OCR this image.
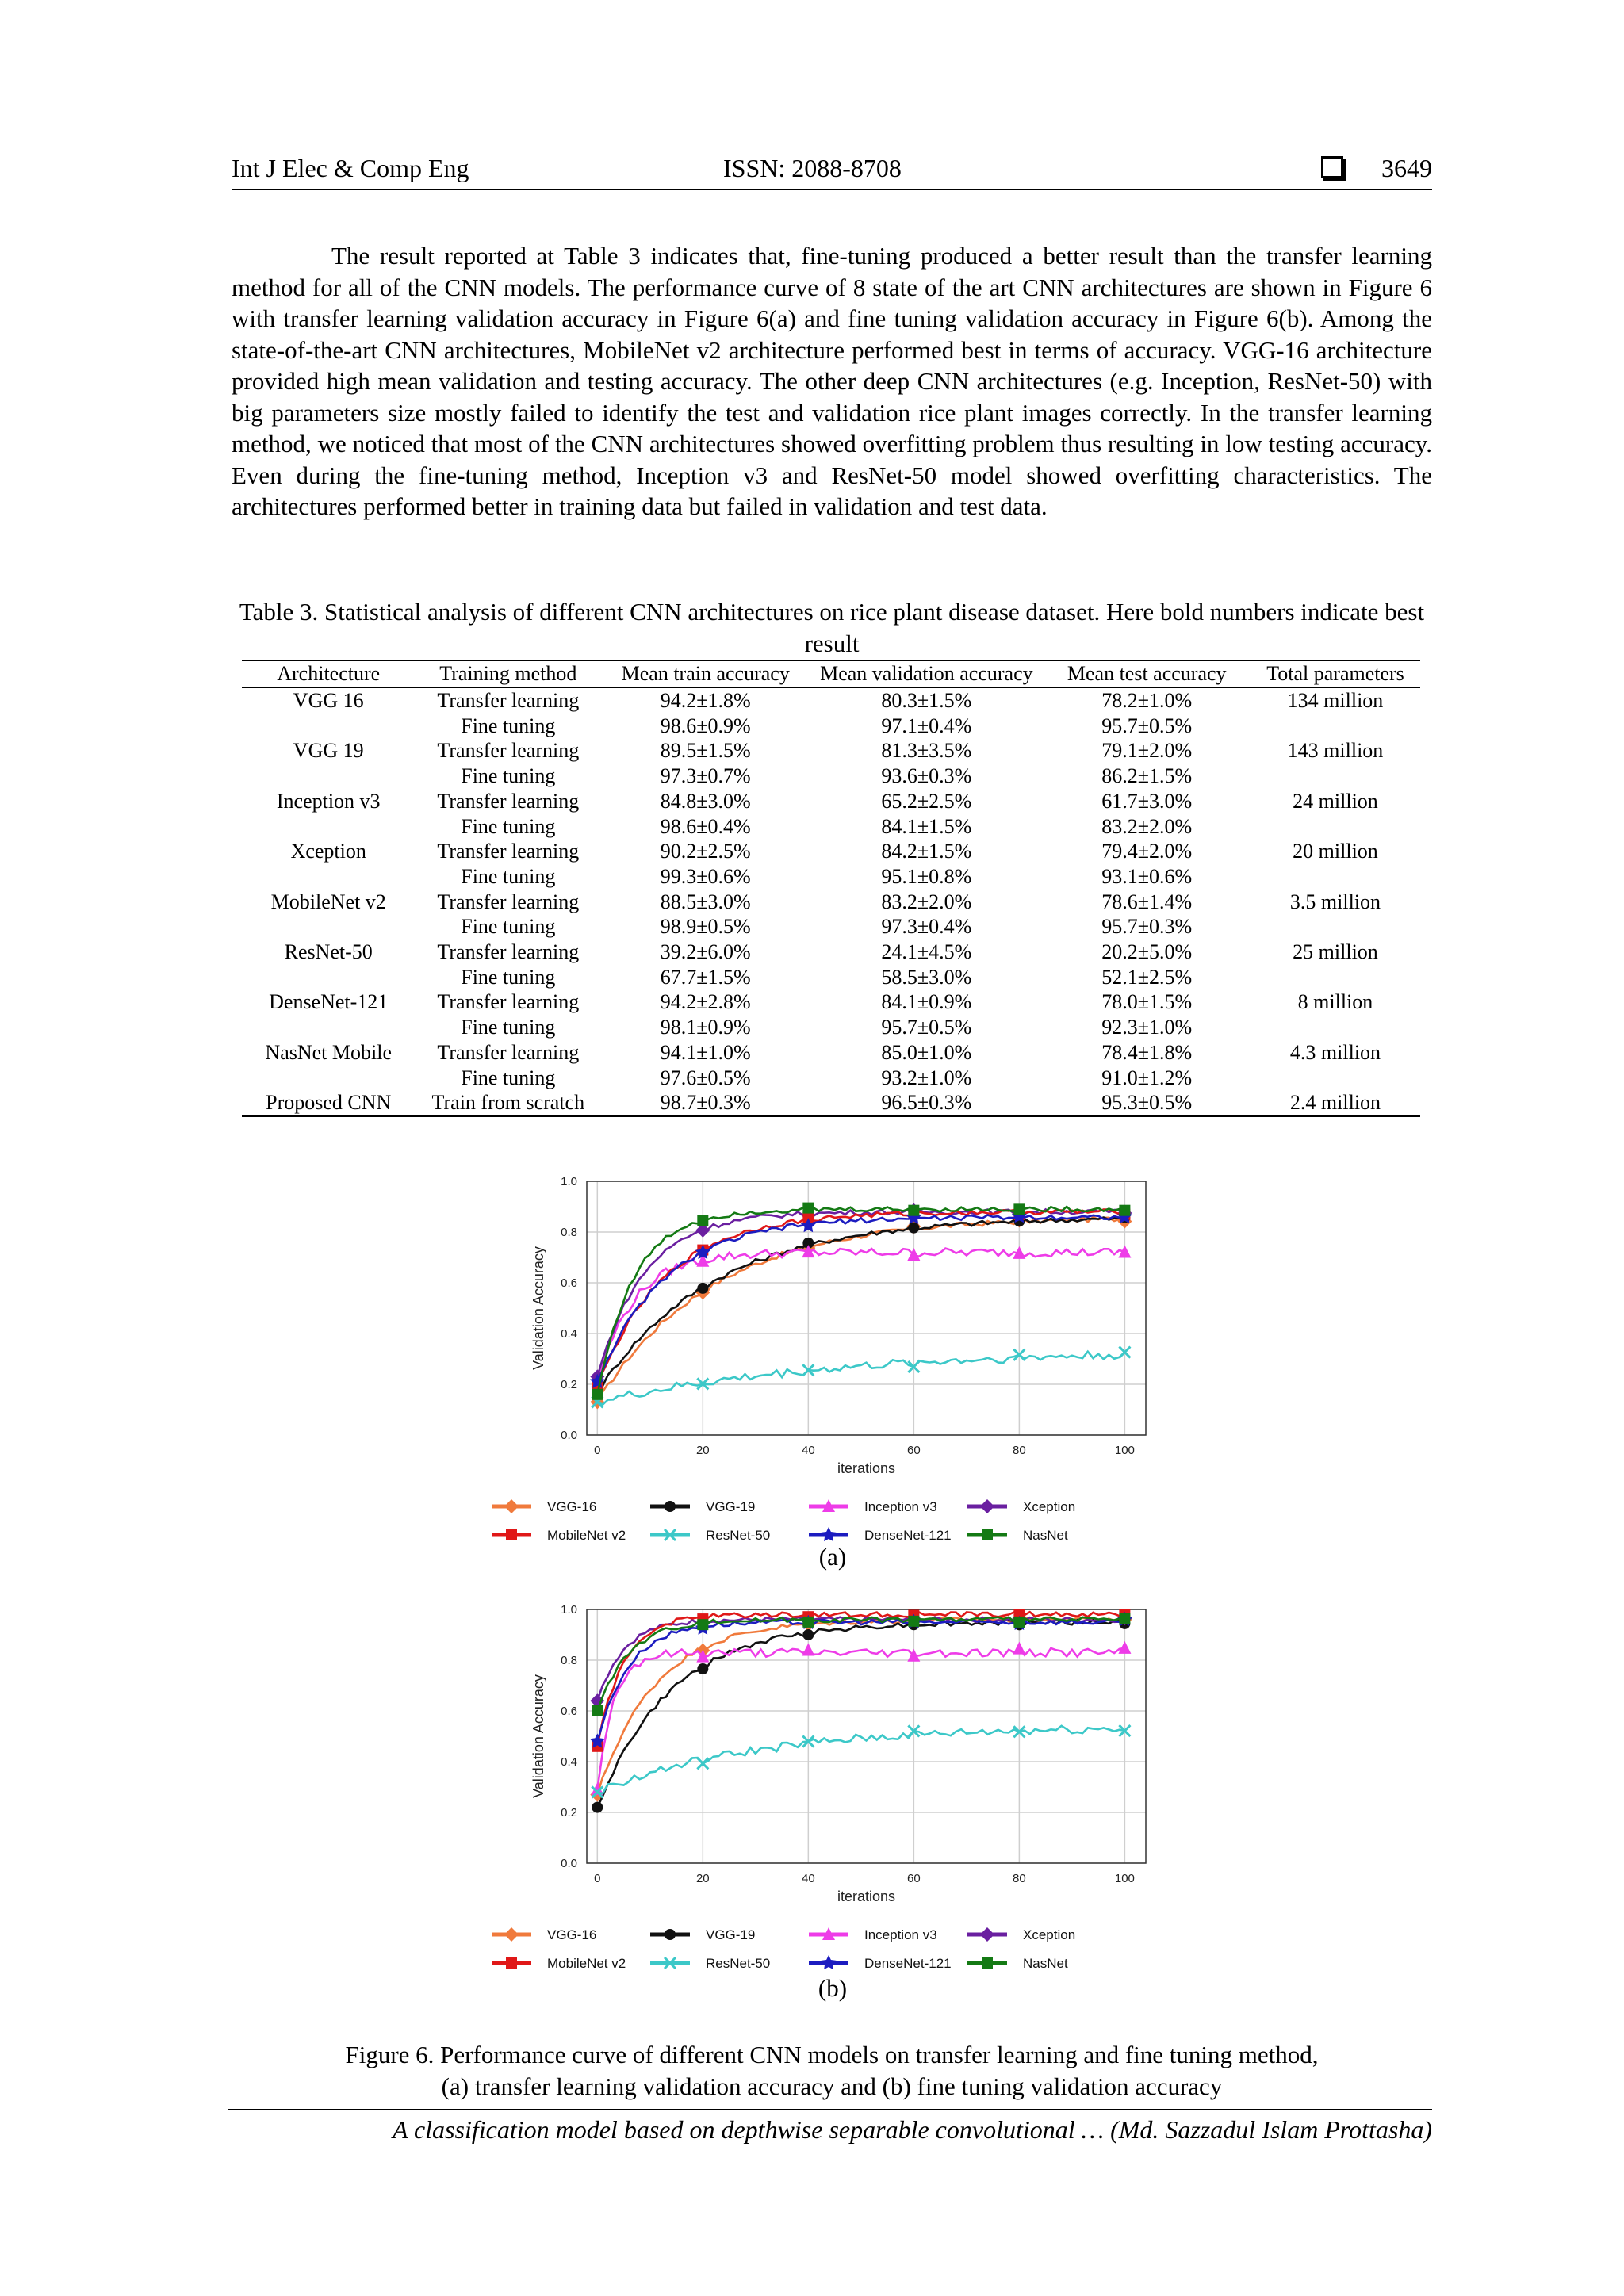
Int J Elec & Comp Eng	ISSN: 2088-8708	3649

The result reported at Table 3 indicates that, fine-tuning produced a better result than the transfer learning method for all of the CNN models. The performance curve of 8 state of the art CNN architectures are shown in Figure 6 with transfer learning validation accuracy in Figure 6(a) and fine tuning validation accuracy in Figure 6(b). Among the state-of-the-art CNN architectures, MobileNet v2 architecture performed best in terms of accuracy. VGG-16 architecture provided high mean validation and testing accuracy. The other deep CNN architectures (e.g. Inception, ResNet-50) with big parameters size mostly failed to identify the test and validation rice plant images correctly. In the transfer learning method, we noticed that most of the CNN architectures showed overfitting problem thus resulting in low testing accuracy. Even during the fine-tuning method, Inception v3 and ResNet-50 model showed overfitting characteristics. The architectures performed better in training data but failed in validation and test data.

Table 3. Statistical analysis of different CNN architectures on rice plant disease dataset. Here bold numbers indicate best result
Architecture	Training method	Mean train accuracy	Mean validation accuracy	Mean test accuracy	Total parameters
VGG 16	Transfer learning	94.2±1.8%	80.3±1.5%	78.2±1.0%	134 million
	Fine tuning	98.6±0.9%	97.1±0.4%	95.7±0.5%	
VGG 19	Transfer learning	89.5±1.5%	81.3±3.5%	79.1±2.0%	143 million
	Fine tuning	97.3±0.7%	93.6±0.3%	86.2±1.5%	
Inception v3	Transfer learning	84.8±3.0%	65.2±2.5%	61.7±3.0%	24 million
	Fine tuning	98.6±0.4%	84.1±1.5%	83.2±2.0%	
Xception	Transfer learning	90.2±2.5%	84.2±1.5%	79.4±2.0%	20 million
	Fine tuning	99.3±0.6%	95.1±0.8%	93.1±0.6%	
MobileNet v2	Transfer learning	88.5±3.0%	83.2±2.0%	78.6±1.4%	3.5 million
	Fine tuning	98.9±0.5%	97.3±0.4%	95.7±0.3%	
ResNet-50	Transfer learning	39.2±6.0%	24.1±4.5%	20.2±5.0%	25 million
	Fine tuning	67.7±1.5%	58.5±3.0%	52.1±2.5%	
DenseNet-121	Transfer learning	94.2±2.8%	84.1±0.9%	78.0±1.5%	8 million
	Fine tuning	98.1±0.9%	95.7±0.5%	92.3±1.0%	
NasNet Mobile	Transfer learning	94.1±1.0%	85.0±1.0%	78.4±1.8%	4.3 million
	Fine tuning	97.6±0.5%	93.2±1.0%	91.0±1.2%	
Proposed CNN	Train from scratch	98.7±0.3%	96.5±0.3%	95.3±0.5%	2.4 million
0.0
0.2
0.4
0.6
0.8
1.0
0	20	40	60	80	100
iterations
Validation Accuracy
VGG-16	VGG-19	Inception v3	Xception
MobileNet v2	ResNet-50	DenseNet-121	NasNet
(a)
0.0
0.2
0.4
0.6
0.8
1.0
0	20	40	60	80	100
iterations
Validation Accuracy
VGG-16	VGG-19	Inception v3	Xception
MobileNet v2	ResNet-50	DenseNet-121	NasNet
(b)
Figure 6. Performance curve of different CNN models on transfer learning and fine tuning method,
(a) transfer learning validation accuracy and (b) fine tuning validation accuracy
A classification model based on depthwise separable convolutional … (Md. Sazzadul Islam Prottasha)
